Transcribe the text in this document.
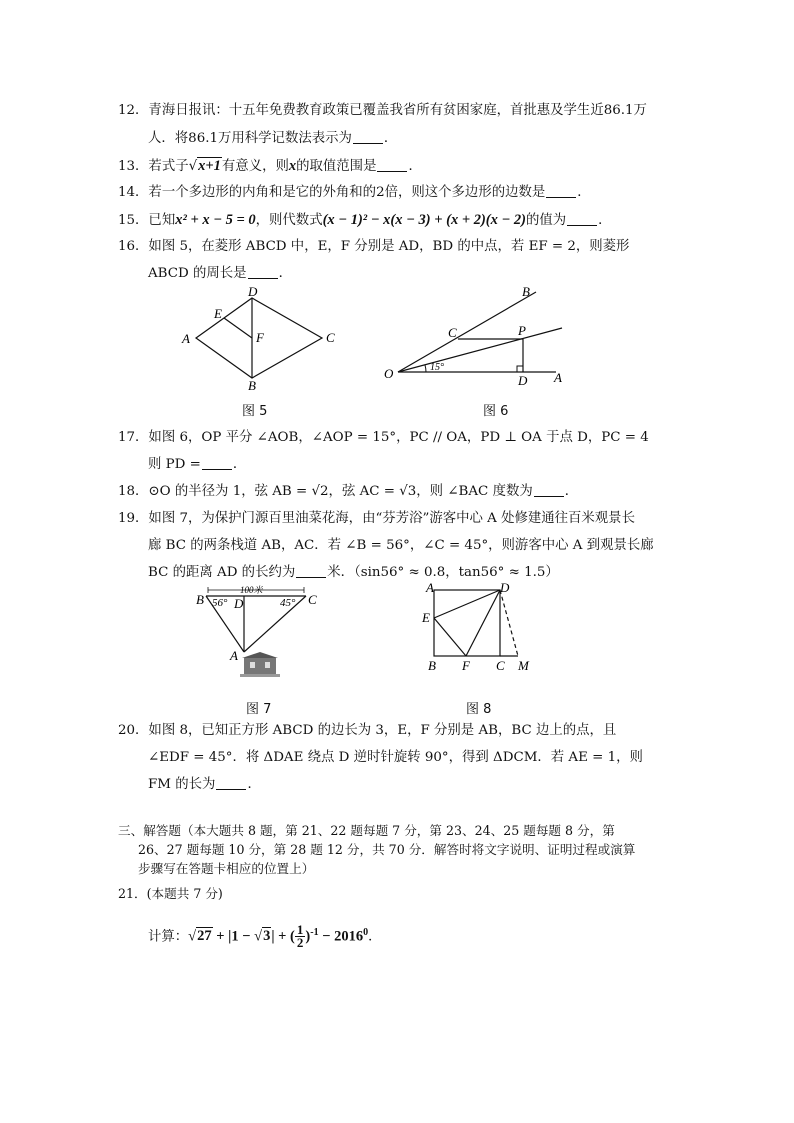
12．青海日报讯：十五年免费教育政策已覆盖我省所有贫困家庭，首批惠及学生近86.1万
人．将86.1万用科学记数法表示为 ．
13．若式子√x+1有意义，则x的取值范围是 ．
14．若一个多边形的内角和是它的外角和的2倍，则这个多边形的边数是 ．
15．已知x² + x − 5 = 0，则代数式(x − 1)² − x(x − 3) + (x + 2)(x − 2)的值为 ．
16．如图 5，在菱形 ABCD 中，E，F 分别是 AD，BD 的中点，若 EF = 2，则菱形
ABCD 的周长是 ．
A
D
C
B
E
F
图 5
15°
O	A
B
C	P
D
图 6
17．如图 6，OP 平分 ∠AOB，∠AOP = 15°，PC // OA，PD ⊥ OA 于点 D，PC = 4
则 PD = ．
18．⊙O 的半径为 1，弦 AB = √2，弦 AC = √3，则 ∠BAC 度数为 ．
19．如图 7，为保护门源百里油菜花海，由“芬芳浴”游客中心 A 处修建通往百米观景长
廊 BC 的两条栈道 AB，AC．若 ∠B = 56°，∠C = 45°，则游客中心 A 到观景长廊
BC 的距离 AD 的长约为 米．（sin56° ≈ 0.8，tan56° ≈ 1.5）
100米
56°	45°
B	C
D
A
图 7
A	D
E
B F C M
图 8
20．如图 8，已知正方形 ABCD 的边长为 3，E，F 分别是 AB，BC 边上的点，且
∠EDF = 45°．将 ΔDAE 绕点 D 逆时针旋转 90°，得到 ΔDCM．若 AE = 1，则
FM 的长为 ．
三、解答题（本大题共 8 题，第 21、22 题每题 7 分，第 23、24、25 题每题 8 分，第
26、27 题每题 10 分，第 28 题 12 分，共 70 分．解答时将文字说明、证明过程或演算
步骤写在答题卡相应的位置上）
21．(本题共 7 分)
计算：√27 + |1 − √3| + ( $\frac{1}{2} )^{-1} - 2016^0$．
